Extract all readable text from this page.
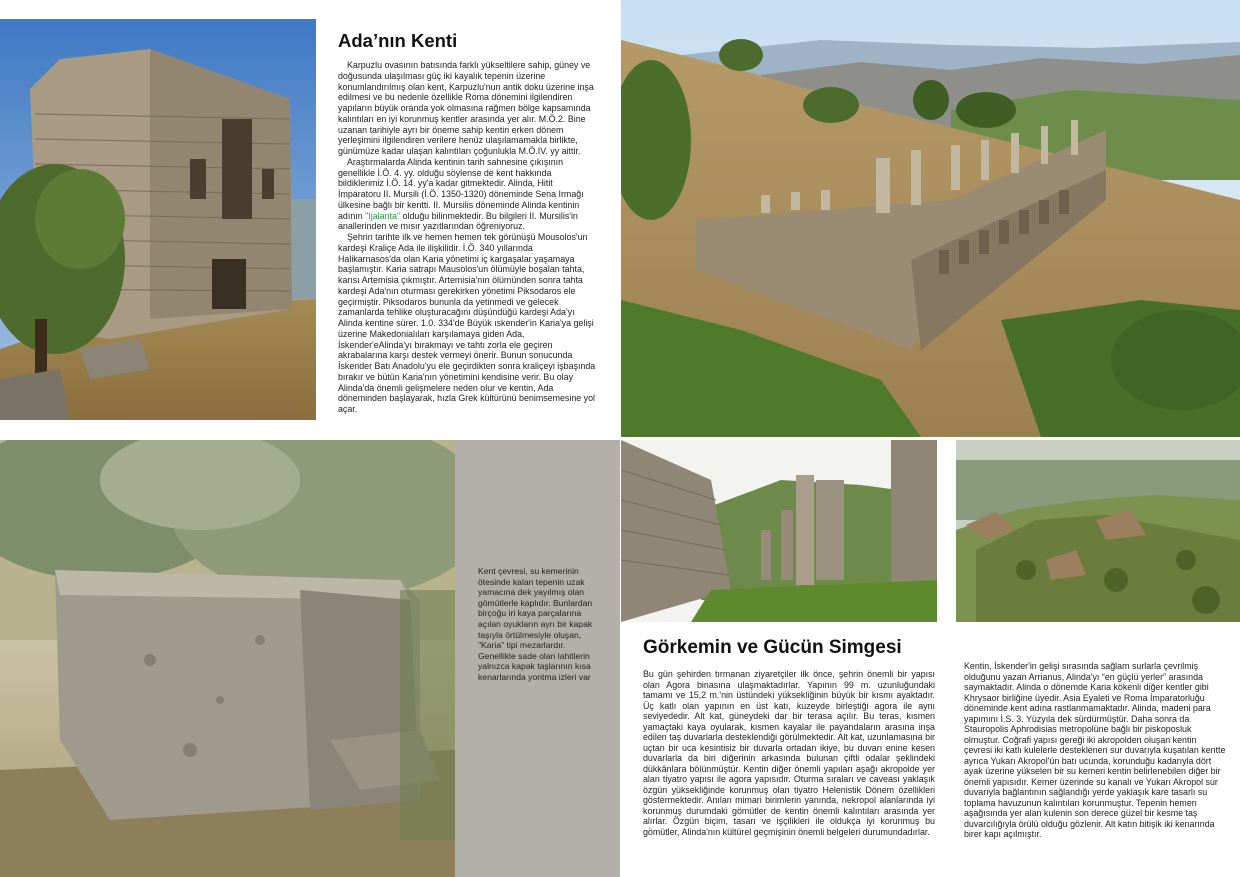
Ada’nın Kenti

Karpuzlu ovasının batısında farklı yükseltilere sahip, güney ve doğusunda ulaşılması güç iki kayalık tepenin üzerine konumlandırılmış olan kent, Karpuzlu'nun antik doku üzerine inşa edilmesi ve bu nedenle özellikle Roma dönemini ilgilendiren yapıların büyük oranda yok olmasına rağmen bölge kapsamında kalıntıları en iyi korunmuş kentler arasında yer alır. M.Ö.2. Bine uzanan tarihiyle ayrı bir öneme sahip kentin erken dönem yerleşimini ilgilendiren verilere henüz ulaşılamamakla birlikte, günümüze kadar ulaşan kalıntıları çoğunlukla M.Ö.IV. yy aittir.

Araştırmalarda Alinda kentinin tarih sahnesine çıkışının genellikle İ.Ö. 4. yy. olduğu söylense de kent hakkında bildiklerimiz İ.Ö. 14. yy'a kadar gitmektedir. Alinda, Hitit İmparatoru II. Mursili (İ.Ö. 1350-1320) döneminde Sena Irmağı ülkesine bağlı bir kentti. II. Mursilis döneminde Alinda kentinin adının "Ijalanta" olduğu bilinmektedir. Bu bilgileri II. Mursilis'in anallerinden ve mısır yazıtlarından öğreniyoruz.

Şehrin tarihte ilk ve hemen hemen tek görünüşü Mousolos'un kardeşi Kraliçe Ada ile ilişkilidir. İ.Ö. 340 yıllarında Halikarnasos'da olan Karia yönetimi iç kargaşalar yaşamaya başlamıştır. Karia satrapı Mausolos'un ölümüyle boşalan tahta, karısı Artemisia çıkmıştır. Artemisia'nın ölümünden sonra tahta kardeşi Ada'nın oturması gerekirken yönetimi Piksodaros ele geçirmiştir. Piksodaros bununla da yetinmedi ve gelecek zamanlarda tehlike oluşturacağını düşündüğü kardeşi Ada'yı Alinda kentine sürer. 1.0. 334'de Büyük ıskender'in Karia'ya gelişi üzerine Makedonialıları karşılamaya giden Ada, İskender'eAlinda'yı bırakmayı ve tahtı zorla ele geçiren akrabalarına karşı destek vermeyi önerir. Bunun sonucunda İskender Batı Anadolu'yu ele geçirdikten sonra kraliçeyi işbaşında bırakır ve bütün Karia'nın yönetimini kendisine verir. Bu olay Alinda'da önemli gelişmelere neden olur ve kentin, Ada döneminden başlayarak, hızla Grek kültürünü benimsemesine yol açar.

Kent çevresi, su kemerinin ötesinde kalan tepenin uzak yamacına dek yayılmış olan gömütlerle kaplıdır. Bunlardan birçoğu iri kaya parçalarına açılan oyukların ayrı bir kapak taşıyla örtülmesiyle oluşan, "Karia" tipi mezarlardır. Genellikle sade olan lahitlerin yalnızca kapak taşlarının kısa kenarlarında yontma izleri var
Görkemin ve Gücün Simgesi
Bu gün şehirden tırmanan ziyaretçiler ilk önce, şehrin önemli bir yapısı olan Agora binasına ulaşmaktadırlar. Yapının 99 m. uzunluğundaki tamamı ve 15,2 m.'nin üstündeki yüksekliğinin büyük bir kısmı ayaktadır. Üç katlı olan yapının en üst katı, kuzeyde birleştiği agora ile aynı seviyededir. Alt kat, güneydeki dar bir terasa açılır. Bu teras, kısmen yamaçtaki kaya oyularak, kısmen kayalar ile payandaların arasına inşa edilen taş duvarlarla desteklendiği görülmektedir. Alt kat, uzunlamasına bir uçtan bir uca kesintisiz bir duvarla ortadan ikiye, bu duvarı enine kesen duvarlarla da biri diğerinin arkasında bulunan çiftli odalar şeklindeki dükkânlara bölünmüştür. Kentin diğer önemli yapıları aşağı akropolde yer alan tiyatro yapısı ile agora yapısıdır. Oturma sıraları ve caveası yaklaşık özgün yüksekliğinde korunmuş olan tiyatro Helenistik Dönem özellikleri göstermektedir. Anılan mimari birimlerin yanında, nekropol alanlarında iyi korunmuş durumdaki gömütler de kentin önemli kalıntıları arasında yer alırlar. Özgün biçim, tasarı ve işçilikleri ile oldukça iyi korunmuş bu gömütler, Alinda'nın kültürel geçmişinin önemli belgeleri durumundadırlar.
Kentin, İskender'in gelişi sırasında sağlam surlarla çevrilmiş olduğunu yazan Arrianus, Alinda'yı “en güçlü yerler” arasında saymaktadır. Alinda o dönemde Karia kökenli diğer kentler gibi Khrysaor birliğine üyedir. Asia Eyaleti ve Roma İmparatorluğu döneminde kent adına rastlanmamaktadır. Alinda, madeni para yapımını İ.S. 3. Yüzyıla dek sürdürmüştür. Daha sonra da Stauropolis Aphrodisias metropolüne bağlı bir piskoposluk olmuştur. Coğrafi yapısı gereği iki akropolden oluşan kentin çevresi iki katlı kulelerle desteklenen sur duvarıyla kuşatılan kentte ayrıca Yukarı Akropol'ün batı ucunda, korunduğu kadarıyla dört ayak üzerine yükselen bir su kemeri kentin belirlenebilen diğer bir önemli yapısıdır. Kemer üzerinde su kanalı ve Yukarı Akropol sur duvarıyla bağlantının sağlandığı yerde yaklaşık kare tasarlı su toplama havuzunun kalıntıları korunmuştur. Tepenin hemen aşağısında yer alan kulenin son derece güzel bir kesme taş duvarcılığıyla örülü olduğu gözlenir. Alt katın bitişik iki kenarında birer kapı açılmıştır.
